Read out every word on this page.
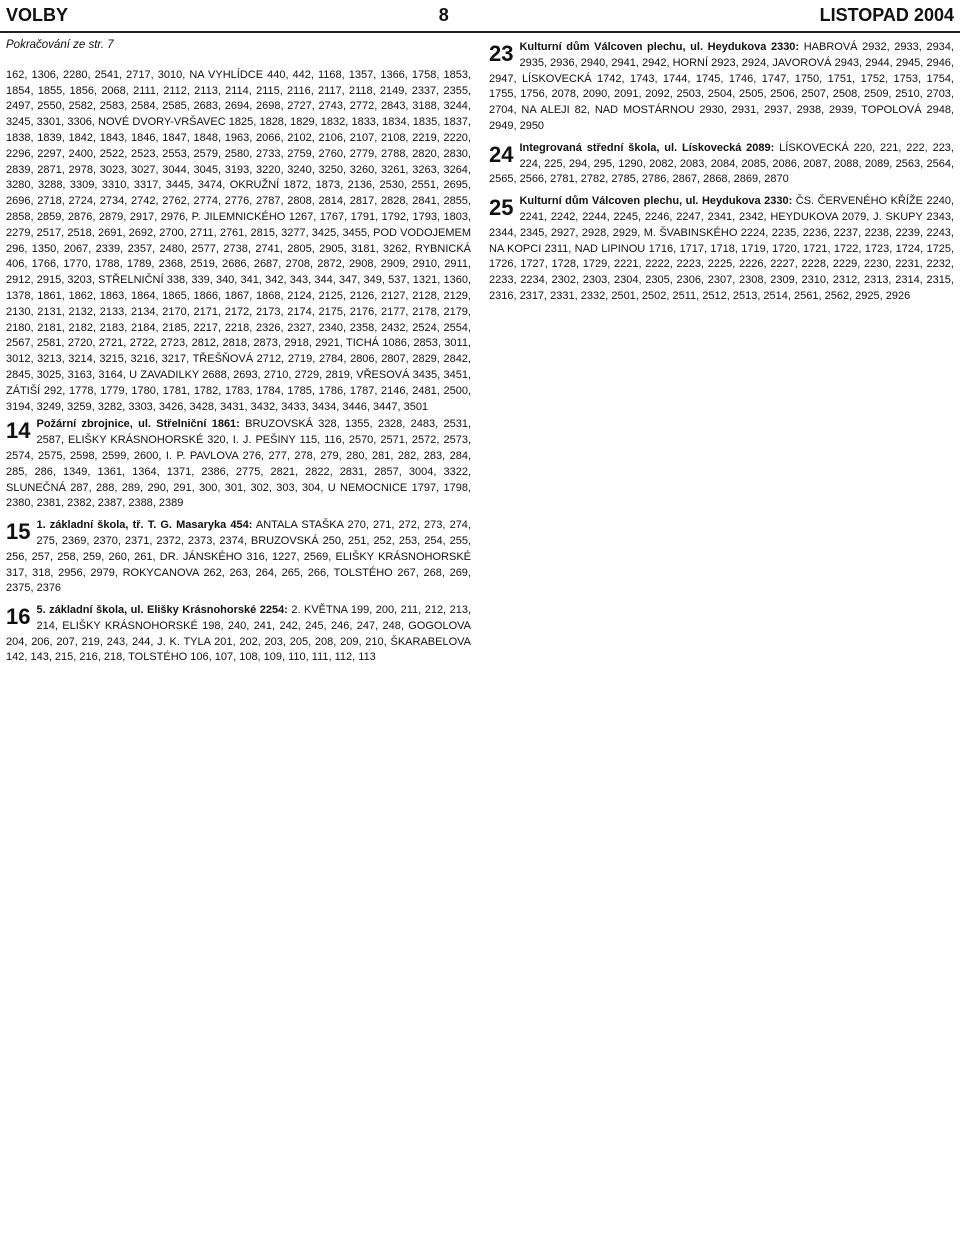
VOLBY	8	LISTOPAD 2004
Pokračování ze str. 7
162, 1306, 2280, 2541, 2717, 3010, NA VYHLÍDCE 440, 442, 1168, 1357, 1366, 1758, 1853, 1854, 1855, 1856, 2068, 2111, 2112, 2113, 2114, 2115, 2116, 2117, 2118, 2149, 2337, 2355, 2497, 2550, 2582, 2583, 2584, 2585, 2683, 2694, 2698, 2727, 2743, 2772, 2843, 3188, 3244, 3245, 3301, 3306, NOVÉ DVORY-VRŠAVEC 1825, 1828, 1829, 1832, 1833, 1834, 1835, 1837, 1838, 1839, 1842, 1843, 1846, 1847, 1848, 1963, 2066, 2102, 2106, 2107, 2108, 2219, 2220, 2296, 2297, 2400, 2522, 2523, 2553, 2579, 2580, 2733, 2759, 2760, 2779, 2788, 2820, 2830, 2839, 2871, 2978, 3023, 3027, 3044, 3045, 3193, 3220, 3240, 3250, 3260, 3261, 3263, 3264, 3280, 3288, 3309, 3310, 3317, 3445, 3474, OKRUŽNÍ 1872, 1873, 2136, 2530, 2551, 2695, 2696, 2718, 2724, 2734, 2742, 2762, 2774, 2776, 2787, 2808, 2814, 2817, 2828, 2841, 2855, 2858, 2859, 2876, 2879, 2917, 2976, P. JILEMNICKÉHO 1267, 1767, 1791, 1792, 1793, 1803, 2279, 2517, 2518, 2691, 2692, 2700, 2711, 2761, 2815, 3277, 3425, 3455, POD VODOJEMEM 296, 1350, 2067, 2339, 2357, 2480, 2577, 2738, 2741, 2805, 2905, 3181, 3262, RYBNICKÁ 406, 1766, 1770, 1788, 1789, 2368, 2519, 2686, 2687, 2708, 2872, 2908, 2909, 2910, 2911, 2912, 2915, 3203, STŘELNIČNÍ 338, 339, 340, 341, 342, 343, 344, 347, 349, 537, 1321, 1360, 1378, 1861, 1862, 1863, 1864, 1865, 1866, 1867, 1868, 2124, 2125, 2126, 2127, 2128, 2129, 2130, 2131, 2132, 2133, 2134, 2170, 2171, 2172, 2173, 2174, 2175, 2176, 2177, 2178, 2179, 2180, 2181, 2182, 2183, 2184, 2185, 2217, 2218, 2326, 2327, 2340, 2358, 2432, 2524, 2554, 2567, 2581, 2720, 2721, 2722, 2723, 2812, 2818, 2873, 2918, 2921, TICHÁ 1086, 2853, 3011, 3012, 3213, 3214, 3215, 3216, 3217, TŘEŠŇOVÁ 2712, 2719, 2784, 2806, 2807, 2829, 2842, 2845, 3025, 3163, 3164, U ZAVADILKY 2688, 2693, 2710, 2729, 2819, VŘESOVÁ 3435, 3451, ZÁTIŠÍ 292, 1778, 1779, 1780, 1781, 1782, 1783, 1784, 1785, 1786, 1787, 2146, 2481, 2500, 3194, 3249, 3259, 3282, 3303, 3426, 3428, 3431, 3432, 3433, 3434, 3446, 3447, 3501
14 Požární zbrojnice, ul. Střelniční 1861: BRUZOVSKÁ 328, 1355, 2328, 2483, 2531, 2587, ELIŠKY KRÁSNOHORSKÉ 320, I. J. PEŠINY 115, 116, 2570, 2571, 2572, 2573, 2574, 2575, 2598, 2599, 2600, I. P. PAVLOVA 276, 277, 278, 279, 280, 281, 282, 283, 284, 285, 286, 1349, 1361, 1364, 1371, 2386, 2775, 2821, 2822, 2831, 2857, 3004, 3322, SLUNEČNÁ 287, 288, 289, 290, 291, 300, 301, 302, 303, 304, U NEMOCNICE 1797, 1798, 2380, 2381, 2382, 2387, 2388, 2389
15 1. základní škola, tř. T. G. Masaryka 454: ANTALA STAŠKA 270, 271, 272, 273, 274, 275, 2369, 2370, 2371, 2372, 2373, 2374, BRUZOVSKÁ 250, 251, 252, 253, 254, 255, 256, 257, 258, 259, 260, 261, DR. JÁNSKÉHO 316, 1227, 2569, ELIŠKY KRÁSNOHORSKÉ 317, 318, 2956, 2979, ROKYCANOVA 262, 263, 264, 265, 266, TOLSTÉHO 267, 268, 269, 2375, 2376
16 5. základní škola, ul. Elišky Krásnohorské 2254: 2. KVĚTNA 199, 200, 211, 212, 213, 214, ELIŠKY KRÁSNOHORSKÉ 198, 240, 241, 242, 245, 246, 247, 248, GOGOLOVA 204, 206, 207, 219, 243, 244, J. K. TYLA 201, 202, 203, 205, 208, 209, 210, ŠKARABELOVA 142, 143, 215, 216, 218, TOLSTÉHO 106, 107, 108, 109, 110, 111, 112, 113
23 Kulturní dům Válcoven plechu, ul. Heydukova 2330: HABROVÁ 2932, 2933, 2934, 2935, 2936, 2940, 2941, 2942, HORNÍ 2923, 2924, JAVOROVÁ 2943, 2944, 2945, 2946, 2947, LÍSKOVECKÁ 1742, 1743, 1744, 1745, 1746, 1747, 1750, 1751, 1752, 1753, 1754, 1755, 1756, 2078, 2090, 2091, 2092, 2503, 2504, 2505, 2506, 2507, 2508, 2509, 2510, 2703, 2704, NA ALEJI 82, NAD MOSTÁRNOU 2930, 2931, 2937, 2938, 2939, TOPOLOVÁ 2948, 2949, 2950
24 Integrovaná střední škola, ul. Lískovecká 2089: LÍSKOVECKÁ 220, 221, 222, 223, 224, 225, 294, 295, 1290, 2082, 2083, 2084, 2085, 2086, 2087, 2088, 2089, 2563, 2564, 2565, 2566, 2781, 2782, 2785, 2786, 2867, 2868, 2869, 2870
25 Kulturní dům Válcoven plechu, ul. Heydukova 2330: ČS. ČERVENÉHO KŘÍŽE 2240, 2241, 2242, 2244, 2245, 2246, 2247, 2341, 2342, HEYDUKOVA 2079, J. SKUPY 2343, 2344, 2345, 2927, 2928, 2929, M. ŠVABINSKÉHO 2224, 2235, 2236, 2237, 2238, 2239, 2243, NA KOPCI 2311, NAD LIPINOU 1716, 1717, 1718, 1719, 1720, 1721, 1722, 1723, 1724, 1725, 1726, 1727, 1728, 1729, 2221, 2222, 2223, 2225, 2226, 2227, 2228, 2229, 2230, 2231, 2232, 2233, 2234, 2302, 2303, 2304, 2305, 2306, 2307, 2308, 2309, 2310, 2312, 2313, 2314, 2315, 2316, 2317, 2331, 2332, 2501, 2502, 2511, 2512, 2513, 2514, 2561, 2562, 2925, 2926
